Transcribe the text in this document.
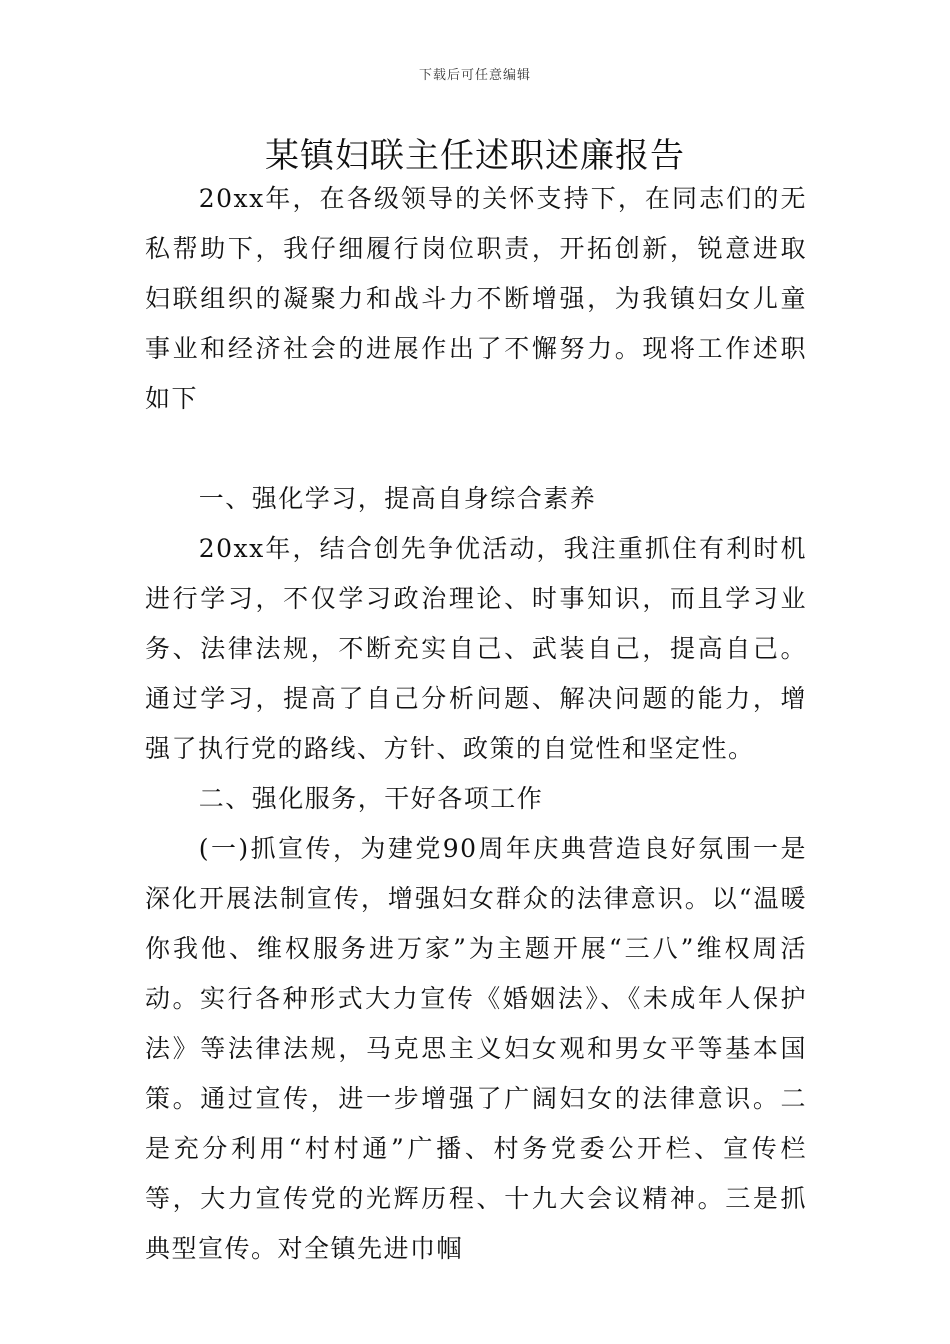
下载后可任意编辑
某镇妇联主任述职述廉报告

20xx年，在各级领导的关怀支持下，在同志们的无私帮助下，我仔细履行岗位职责，开拓创新，锐意进取妇联组织的凝聚力和战斗力不断增强，为我镇妇女儿童事业和经济社会的进展作出了不懈努力。现将工作述职如下

一、强化学习，提高自身综合素养

20xx年，结合创先争优活动，我注重抓住有利时机进行学习，不仅学习政治理论、时事知识，而且学习业务、法律法规，不断充实自己、武装自己，提高自己。通过学习，提高了自己分析问题、解决问题的能力，增强了执行党的路线、方针、政策的自觉性和坚定性。

二、强化服务，干好各项工作

(一)抓宣传，为建党90周年庆典营造良好氛围一是深化开展法制宣传，增强妇女群众的法律意识。以“温暖你我他、维权服务进万家”为主题开展“三八”维权周活动。实行各种形式大力宣传《婚姻法》、《未成年人保护法》等法律法规，马克思主义妇女观和男女平等基本国策。通过宣传，进一步增强了广阔妇女的法律意识。二是充分利用“村村通”广播、村务党委公开栏、宣传栏等，大力宣传党的光辉历程、十九大会议精神。三是抓典型宣传。对全镇先进巾帼
